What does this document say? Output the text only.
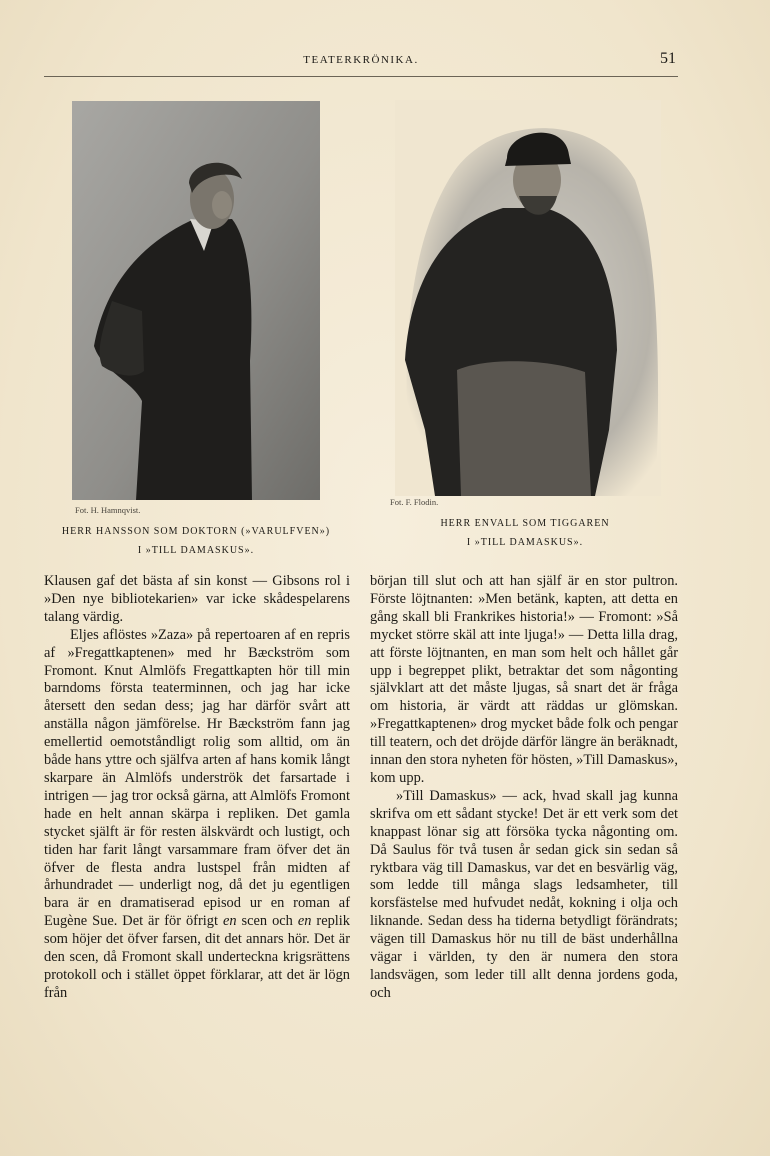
TEATERKRÖNIKA.	51
Fot. H. Hamnqvist.
Fot. F. Flodin.
HERR HANSSON SOM DOKTORN (»VARULFVEN»)
I »TILL DAMASKUS».
HERR ENVALL SOM TIGGAREN
I »TILL DAMASKUS».

Klausen gaf det bästa af sin konst — Gibsons rol i »Den nye bibliotekarien» var icke skådespelarens talang värdig.

Eljes aflöstes »Zaza» på repertoaren af en repris af »Fregattkaptenen» med hr Bæckström som Fromont. Knut Almlöfs Fregattkapten hör till min barndoms första teaterminnen, och jag har icke återsett den sedan dess; jag har därför svårt att anställa någon jämförelse. Hr Bæckström fann jag emellertid oemotståndligt rolig som alltid, om än både hans yttre och själfva arten af hans komik långt skarpare än Almlöfs underströk det farsartade i intrigen — jag tror också gärna, att Almlöfs Fromont hade en helt annan skärpa i repliken. Det gamla stycket själft är för resten älskvärdt och lustigt, och tiden har farit långt varsammare fram öfver det än öfver de flesta andra lustspel från midten af århundradet — underligt nog, då det ju egentligen bara är en dramatiserad episod ur en roman af Eugène Sue. Det är för öfrigt en scen och en replik som höjer det öfver farsen, dit det annars hör. Det är den scen, då Fromont skall underteckna krigsrättens protokoll och i stället öppet förklarar, att det är lögn från

början till slut och att han själf är en stor pultron. Förste löjtnanten: »Men betänk, kapten, att detta en gång skall bli Frankrikes historia!» — Fromont: »Så mycket större skäl att inte ljuga!» — Detta lilla drag, att förste löjtnanten, en man som helt och hållet går upp i begreppet plikt, betraktar det som någonting självklart att det måste ljugas, så snart det är fråga om historia, är värdt att räddas ur glömskan. »Fregattkaptenen» drog mycket både folk och pengar till teatern, och det dröjde därför längre än beräknadt, innan den stora nyheten för hösten, »Till Damaskus», kom upp.

»Till Damaskus» — ack, hvad skall jag kunna skrifva om ett sådant stycke! Det är ett verk som det knappast lönar sig att försöka tycka någonting om. Då Saulus för två tusen år sedan gick sin sedan så ryktbara väg till Damaskus, var det en besvärlig väg, som ledde till många slags ledsamheter, till korsfästelse med hufvudet nedåt, kokning i olja och liknande. Sedan dess ha tiderna betydligt förändrats; vägen till Damaskus hör nu till de bäst underhållna vägar i världen, ty den är numera den stora landsvägen, som leder till allt denna jordens goda, och
